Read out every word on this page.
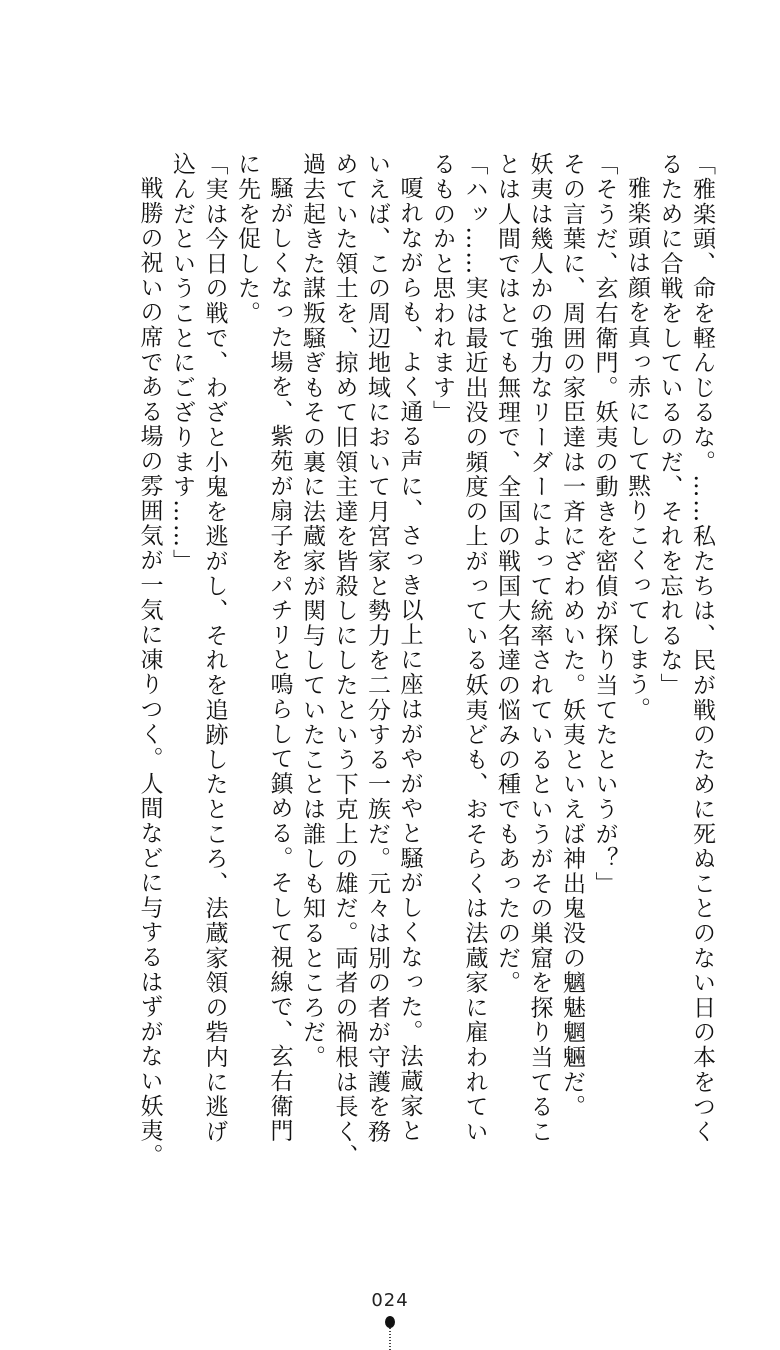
「雅楽頭、命を軽んじるな。……私たちは、民が戦のために死ぬことのない日の本をつく
るために合戦をしているのだ、それを忘れるな」
雅楽頭は顔を真っ赤にして黙りこくってしまう。
「そうだ、玄右衛門。妖夷の動きを密偵が探り当てたというが？」
その言葉に、周囲の家臣達は一斉にざわめいた。妖夷といえば神出鬼没の魑魅魍魎だ。
妖夷は幾人かの強力なリーダーによって統率されているというがその巣窟を探り当てるこ
とは人間ではとても無理で、全国の戦国大名達の悩みの種でもあったのだ。
「ハッ……実は最近出没の頻度の上がっている妖夷ども、おそらくは法蔵家に雇われてい
るものかと思われます」
嗄れながらも、よく通る声に、さっき以上に座はがやがやと騒がしくなった。法蔵家と
いえば、この周辺地域において月宮家と勢力を二分する一族だ。元々は別の者が守護を務
めていた領土を、掠めて旧領主達を皆殺しにしたという下克上の雄だ。両者の禍根は長く、
過去起きた謀叛騒ぎもその裏に法蔵家が関与していたことは誰しも知るところだ。
騒がしくなった場を、紫苑が扇子をパチリと鳴らして鎮める。そして視線で、玄右衛門
に先を促した。
「実は今日の戦で、わざと小鬼を逃がし、それを追跡したところ、法蔵家領の砦内に逃げ
込んだということにござります……」
戦勝の祝いの席である場の雰囲気が一気に凍りつく。人間などに与するはずがない妖夷。
024
